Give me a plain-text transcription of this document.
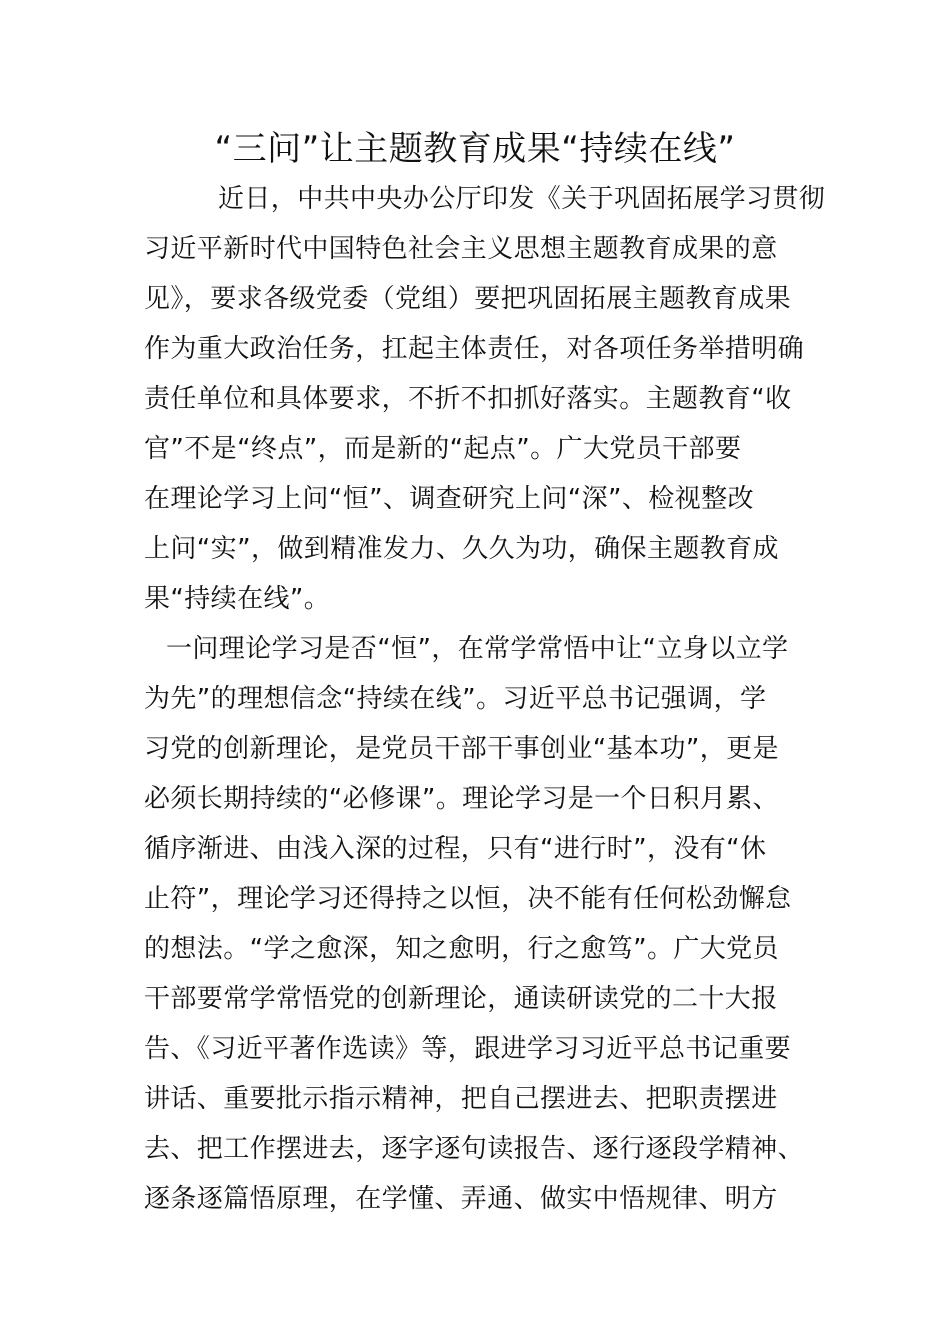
“三问”让主题教育成果“持续在线”
近日，中共中央办公厅印发《关于巩固拓展学习贯彻
习近平新时代中国特色社会主义思想主题教育成果的意
见》，要求各级党委（党组）要把巩固拓展主题教育成果
作为重大政治任务，扛起主体责任，对各项任务举措明确
责任单位和具体要求，不折不扣抓好落实。主题教育“收
官”不是“终点”，而是新的“起点”。广大党员干部要
在理论学习上问“恒”、调查研究上问“深”、检视整改
上问“实”，做到精准发力、久久为功，确保主题教育成
果“持续在线”。
一问理论学习是否“恒”，在常学常悟中让“立身以立学
为先”的理想信念“持续在线”。习近平总书记强调，学
习党的创新理论，是党员干部干事创业“基本功”，更是
必须长期持续的“必修课”。理论学习是一个日积月累、
循序渐进、由浅入深的过程，只有“进行时”，没有“休
止符”，理论学习还得持之以恒，决不能有任何松劲懈怠
的想法。“学之愈深，知之愈明，行之愈笃”。广大党员
干部要常学常悟党的创新理论，通读研读党的二十大报
告、《习近平著作选读》等，跟进学习习近平总书记重要
讲话、重要批示指示精神，把自己摆进去、把职责摆进
去、把工作摆进去，逐字逐句读报告、逐行逐段学精神、
逐条逐篇悟原理，在学懂、弄通、做实中悟规律、明方
